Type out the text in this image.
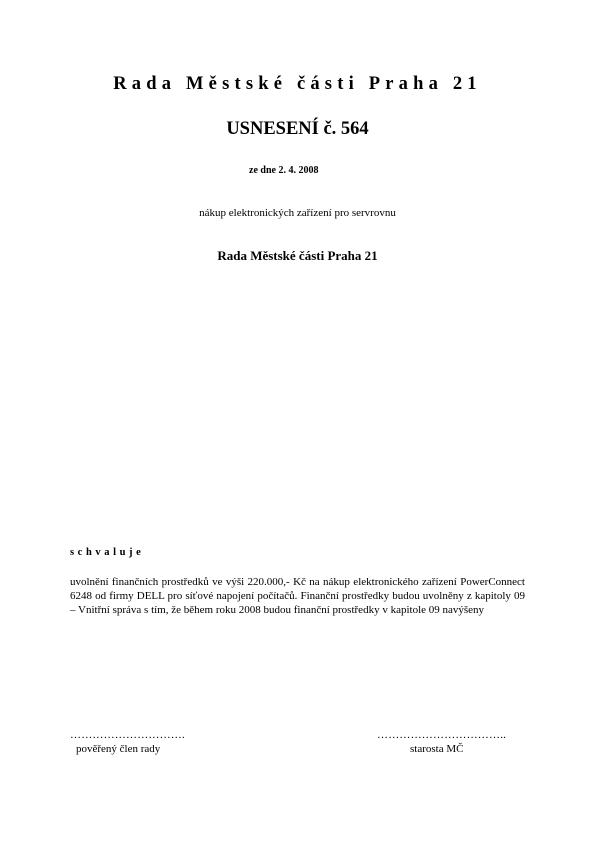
Rada Městské části Praha 21
USNESENÍ č. 564
ze dne 2. 4. 2008
nákup elektronických zařízení pro servrovnu
Rada Městské části Praha 21
schvaluje
uvolnění finančních prostředků ve výši 220.000,- Kč na nákup elektronického zařízení PowerConnect 6248 od firmy DELL pro síťové napojení počítačů. Finanční prostředky budou uvolněny z kapitoly 09 – Vnitřní správa s tím, že během roku 2008 budou finanční prostředky v kapitole 09 navýšeny
………………………….	……………………………..
pověřený člen rady	starosta MČ
